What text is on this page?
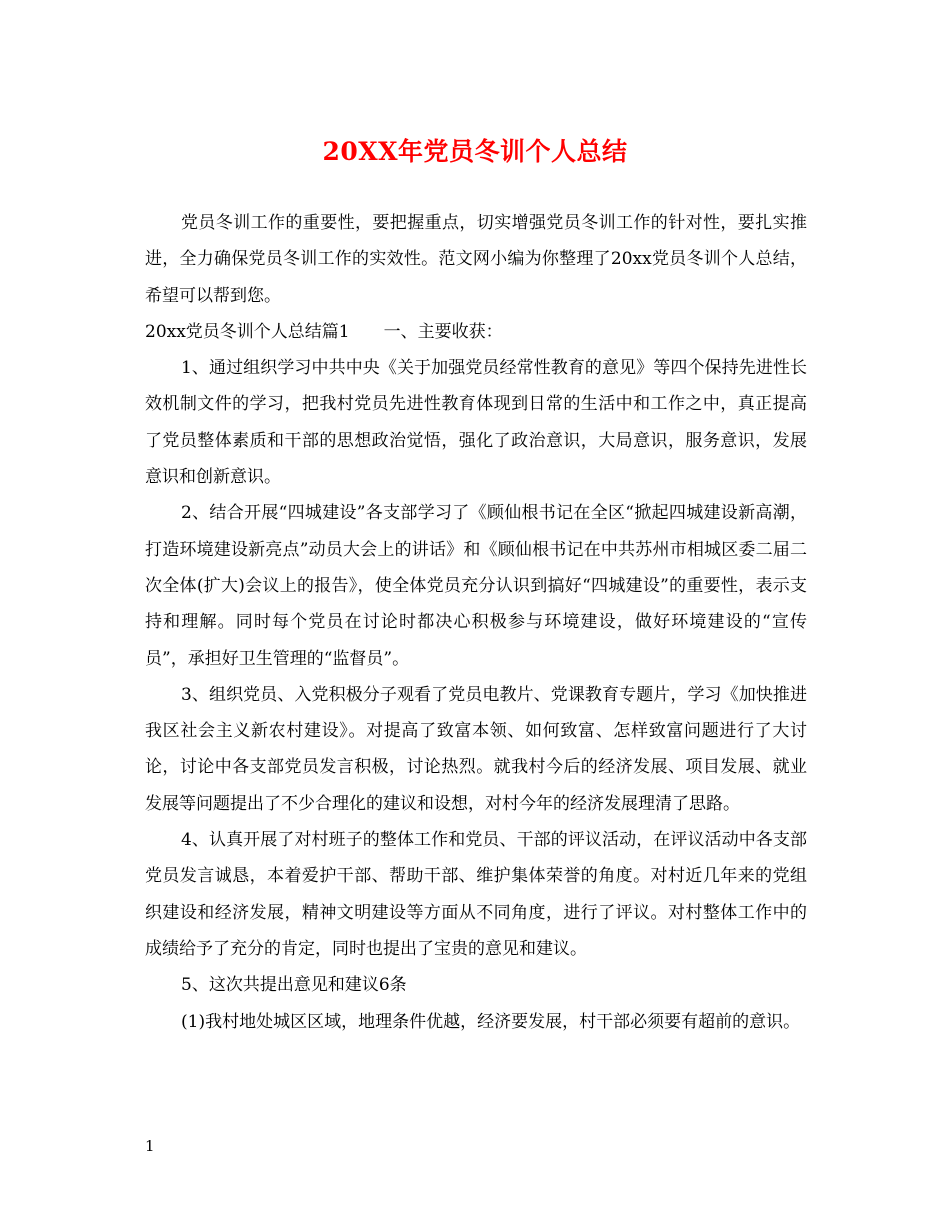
20XX年党员冬训个人总结

党员冬训工作的重要性，要把握重点，切实增强党员冬训工作的针对性，要扎实推进，全力确保党员冬训工作的实效性。范文网小编为你整理了20xx党员冬训个人总结，希望可以帮到您。

20xx党员冬训个人总结篇1　　一、主要收获：

1、通过组织学习中共中央《关于加强党员经常性教育的意见》等四个保持先进性长效机制文件的学习，把我村党员先进性教育体现到日常的生活中和工作之中，真正提高了党员整体素质和干部的思想政治觉悟，强化了政治意识，大局意识，服务意识，发展意识和创新意识。

2、结合开展“四城建设”各支部学习了《顾仙根书记在全区“掀起四城建设新高潮，打造环境建设新亮点”动员大会上的讲话》和《顾仙根书记在中共苏州市相城区委二届二次全体(扩大)会议上的报告》，使全体党员充分认识到搞好“四城建设”的重要性，表示支持和理解。同时每个党员在讨论时都决心积极参与环境建设，做好环境建设的“宣传员”，承担好卫生管理的“监督员”。

3、组织党员、入党积极分子观看了党员电教片、党课教育专题片，学习《加快推进我区社会主义新农村建设》。对提高了致富本领、如何致富、怎样致富问题进行了大讨论，讨论中各支部党员发言积极，讨论热烈。就我村今后的经济发展、项目发展、就业发展等问题提出了不少合理化的建议和设想，对村今年的经济发展理清了思路。

4、认真开展了对村班子的整体工作和党员、干部的评议活动，在评议活动中各支部党员发言诚恳，本着爱护干部、帮助干部、维护集体荣誉的角度。对村近几年来的党组织建设和经济发展，精神文明建设等方面从不同角度，进行了评议。对村整体工作中的成绩给予了充分的肯定，同时也提出了宝贵的意见和建议。

5、这次共提出意见和建议6条

(1)我村地处城区区域，地理条件优越，经济要发展，村干部必须要有超前的意识。

1
